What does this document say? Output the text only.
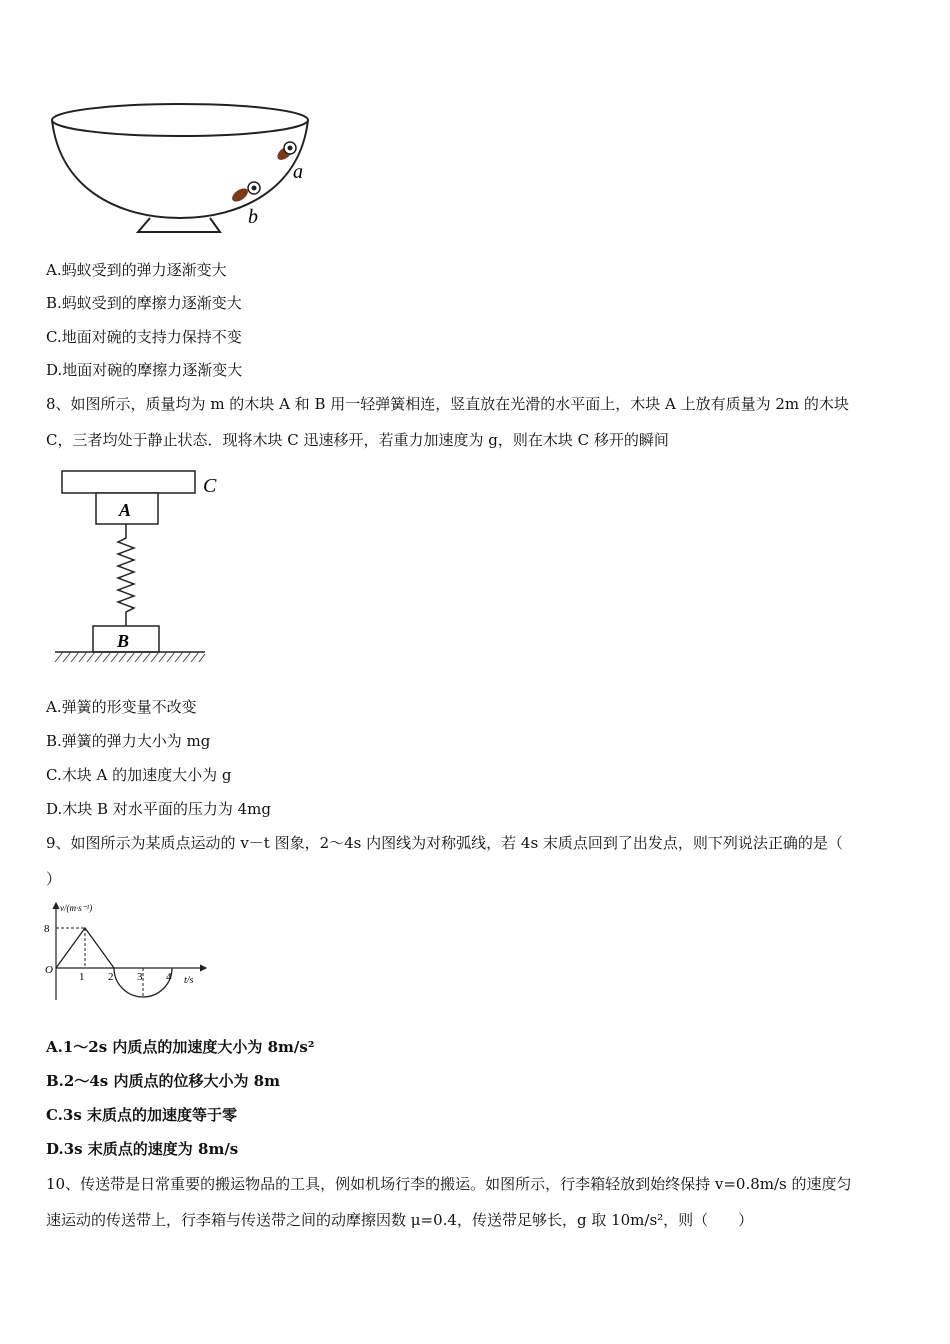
a
b
A.蚂蚁受到的弹力逐渐变大
B.蚂蚁受到的摩擦力逐渐变大
C.地面对碗的支持力保持不变
D.地面对碗的摩擦力逐渐变大
8、如图所示，质量均为 m 的木块 A 和 B 用一轻弹簧相连，竖直放在光滑的水平面上，木块 A 上放有质量为 2m 的木块
C，三者均处于静止状态．现将木块 C 迅速移开，若重力加速度为 g，则在木块 C 移开的瞬间
C
A
B
A.弹簧的形变量不改变
B.弹簧的弹力大小为 mg
C.木块 A 的加速度大小为 g
D.木块 B 对水平面的压力为 4mg
9、如图所示为某质点运动的 v－t 图象，2～4s 内图线为对称弧线，若 4s 末质点回到了出发点，则下列说法正确的是（
）
v/(m·s⁻¹)
t/s
O
8
1 2 3 4
A.1～2s 内质点的加速度大小为 8m/s²
B.2～4s 内质点的位移大小为 8m
C.3s 末质点的加速度等于零
D.3s 末质点的速度为 8m/s
10、传送带是日常重要的搬运物品的工具，例如机场行李的搬运。如图所示，行李箱轻放到始终保持 v=0.8m/s 的速度匀
速运动的传送带上，行李箱与传送带之间的动摩擦因数 μ=0.4，传送带足够长，g 取 10m/s²，则（　　）
